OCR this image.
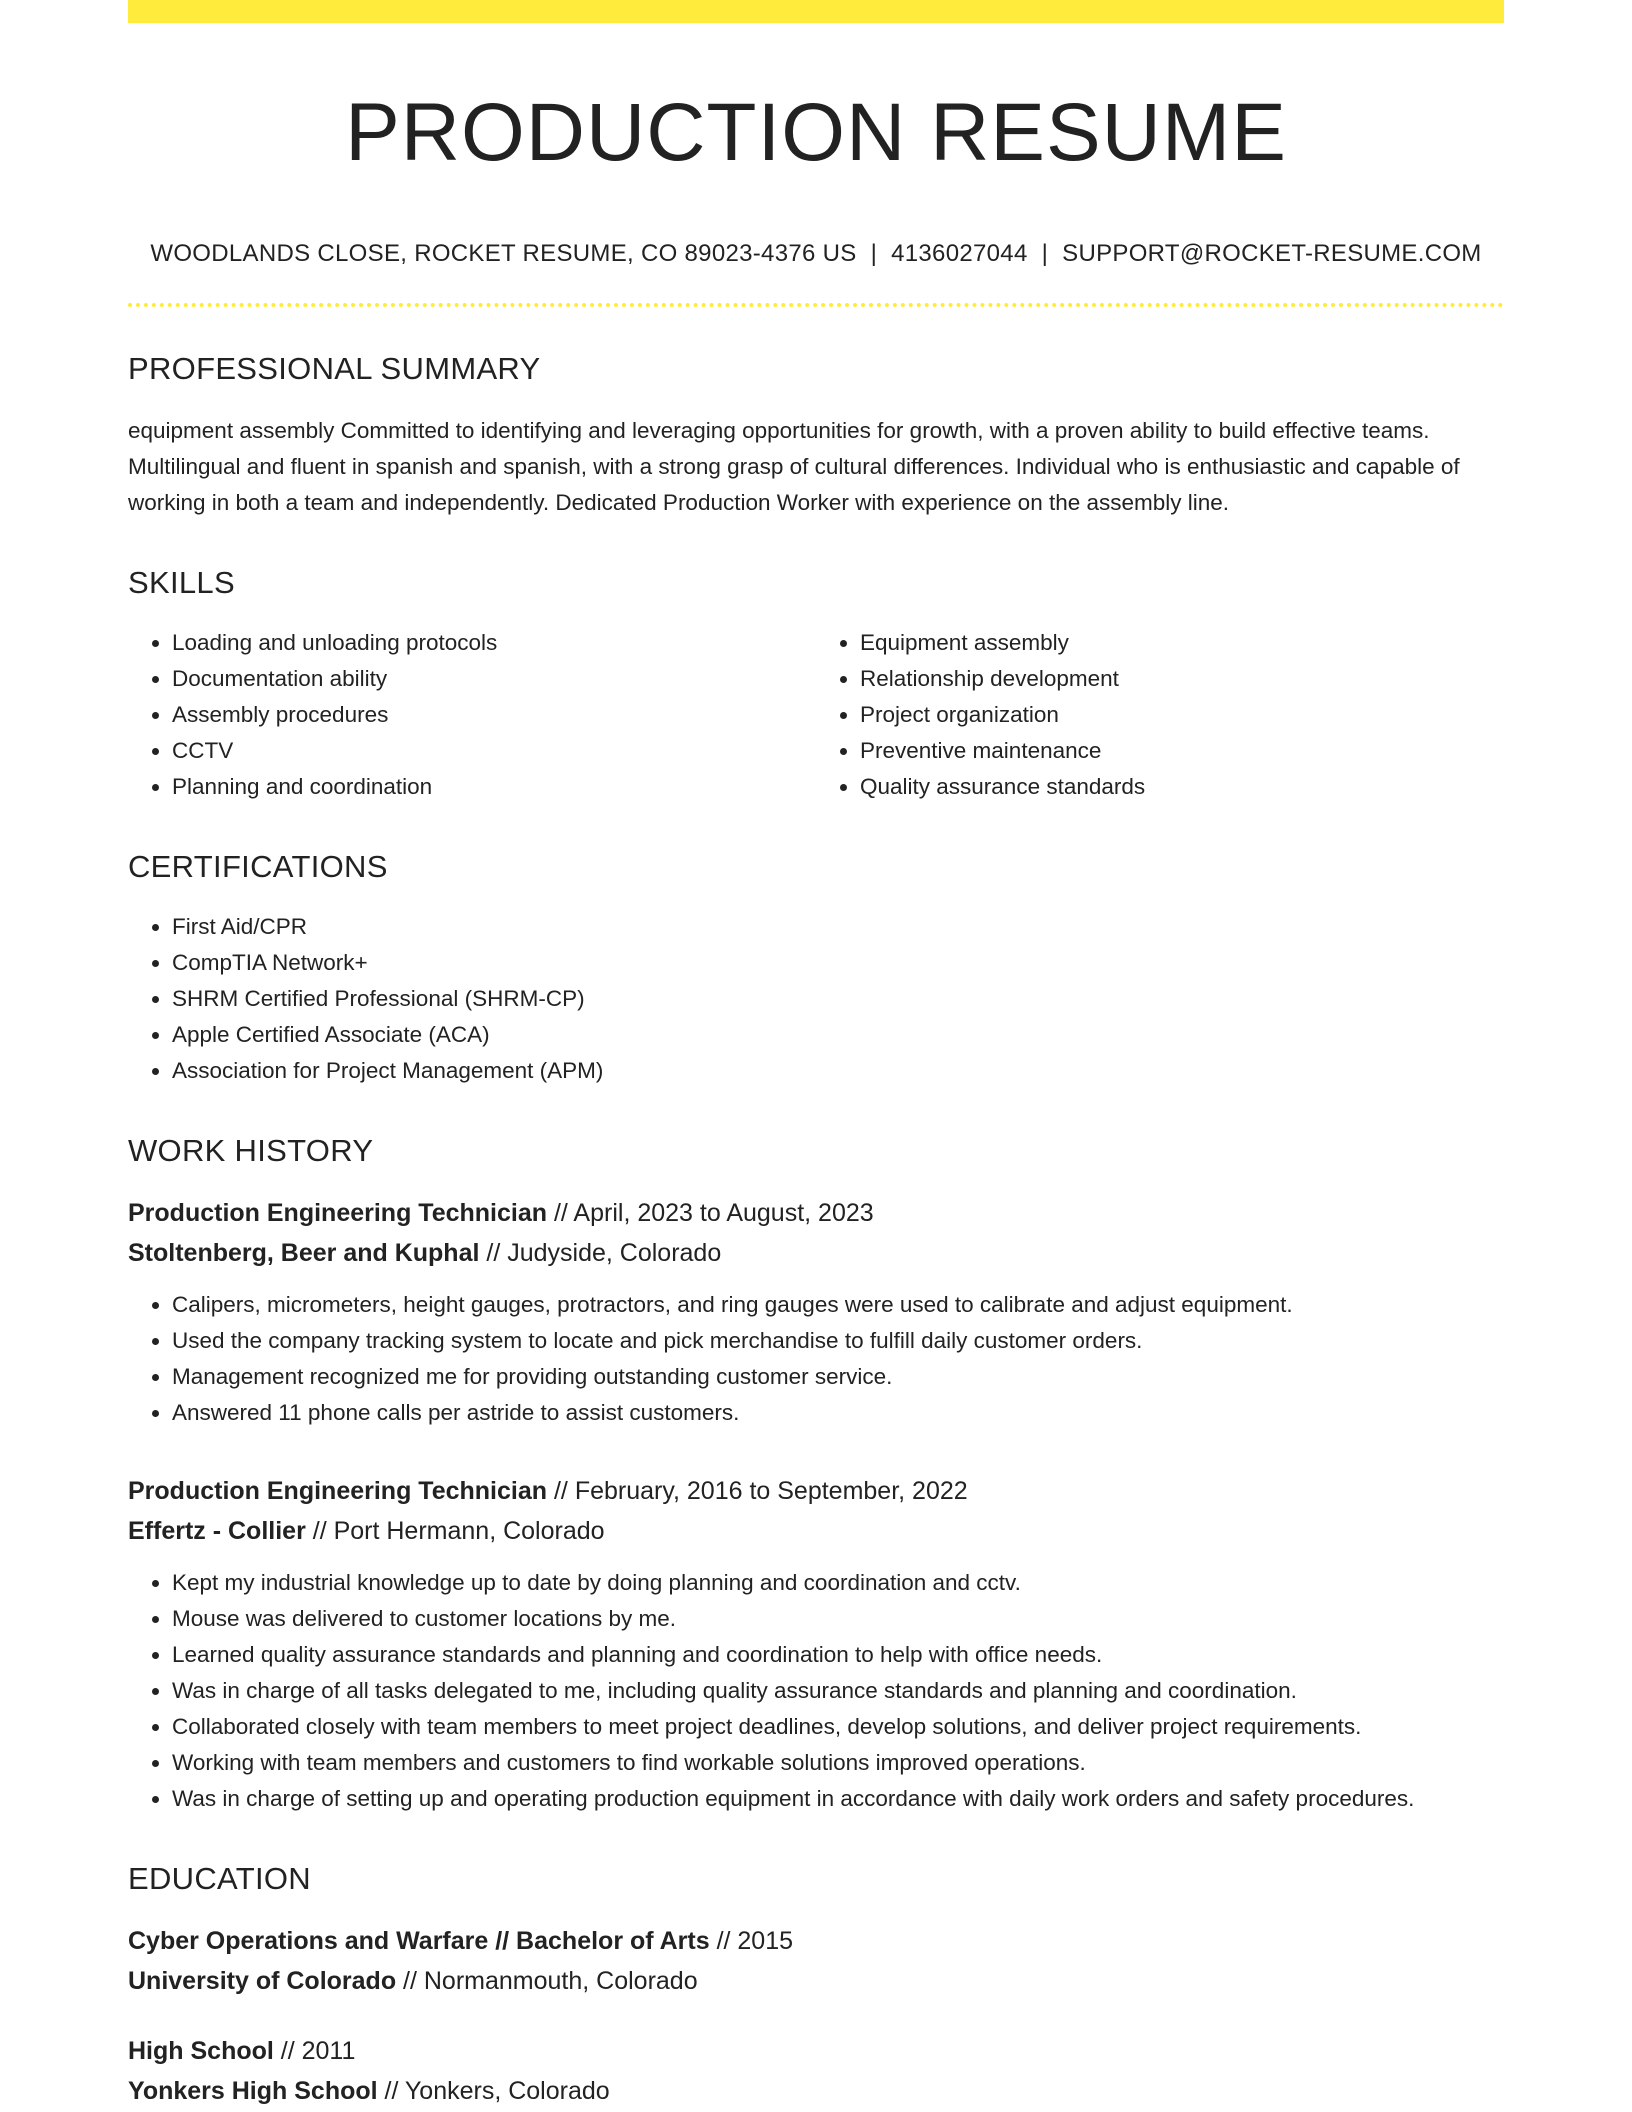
PRODUCTION RESUME
WOODLANDS CLOSE, ROCKET RESUME, CO 89023-4376 US | 4136027044 | SUPPORT@ROCKET-RESUME.COM
PROFESSIONAL SUMMARY

equipment assembly Committed to identifying and leveraging opportunities for growth, with a proven ability to build effective teams. Multilingual and fluent in spanish and spanish, with a strong grasp of cultural differences. Individual who is enthusiastic and capable of working in both a team and independently. Dedicated Production Worker with experience on the assembly line.

SKILLS
• Loading and unloading protocols
• Documentation ability
• Assembly procedures
• CCTV
• Planning and coordination
• Equipment assembly
• Relationship development
• Project organization
• Preventive maintenance
• Quality assurance standards
CERTIFICATIONS
• First Aid/CPR
• CompTIA Network+
• SHRM Certified Professional (SHRM-CP)
• Apple Certified Associate (ACA)
• Association for Project Management (APM)
WORK HISTORY
Production Engineering Technician // April, 2023 to August, 2023
Stoltenberg, Beer and Kuphal // Judyside, Colorado
• Calipers, micrometers, height gauges, protractors, and ring gauges were used to calibrate and adjust equipment.
• Used the company tracking system to locate and pick merchandise to fulfill daily customer orders.
• Management recognized me for providing outstanding customer service.
• Answered 11 phone calls per astride to assist customers.
Production Engineering Technician // February, 2016 to September, 2022
Effertz - Collier // Port Hermann, Colorado
• Kept my industrial knowledge up to date by doing planning and coordination and cctv.
• Mouse was delivered to customer locations by me.
• Learned quality assurance standards and planning and coordination to help with office needs.
• Was in charge of all tasks delegated to me, including quality assurance standards and planning and coordination.
• Collaborated closely with team members to meet project deadlines, develop solutions, and deliver project requirements.
• Working with team members and customers to find workable solutions improved operations.
• Was in charge of setting up and operating production equipment in accordance with daily work orders and safety procedures.
EDUCATION
Cyber Operations and Warfare // Bachelor of Arts // 2015
University of Colorado // Normanmouth, Colorado
High School // 2011
Yonkers High School // Yonkers, Colorado
